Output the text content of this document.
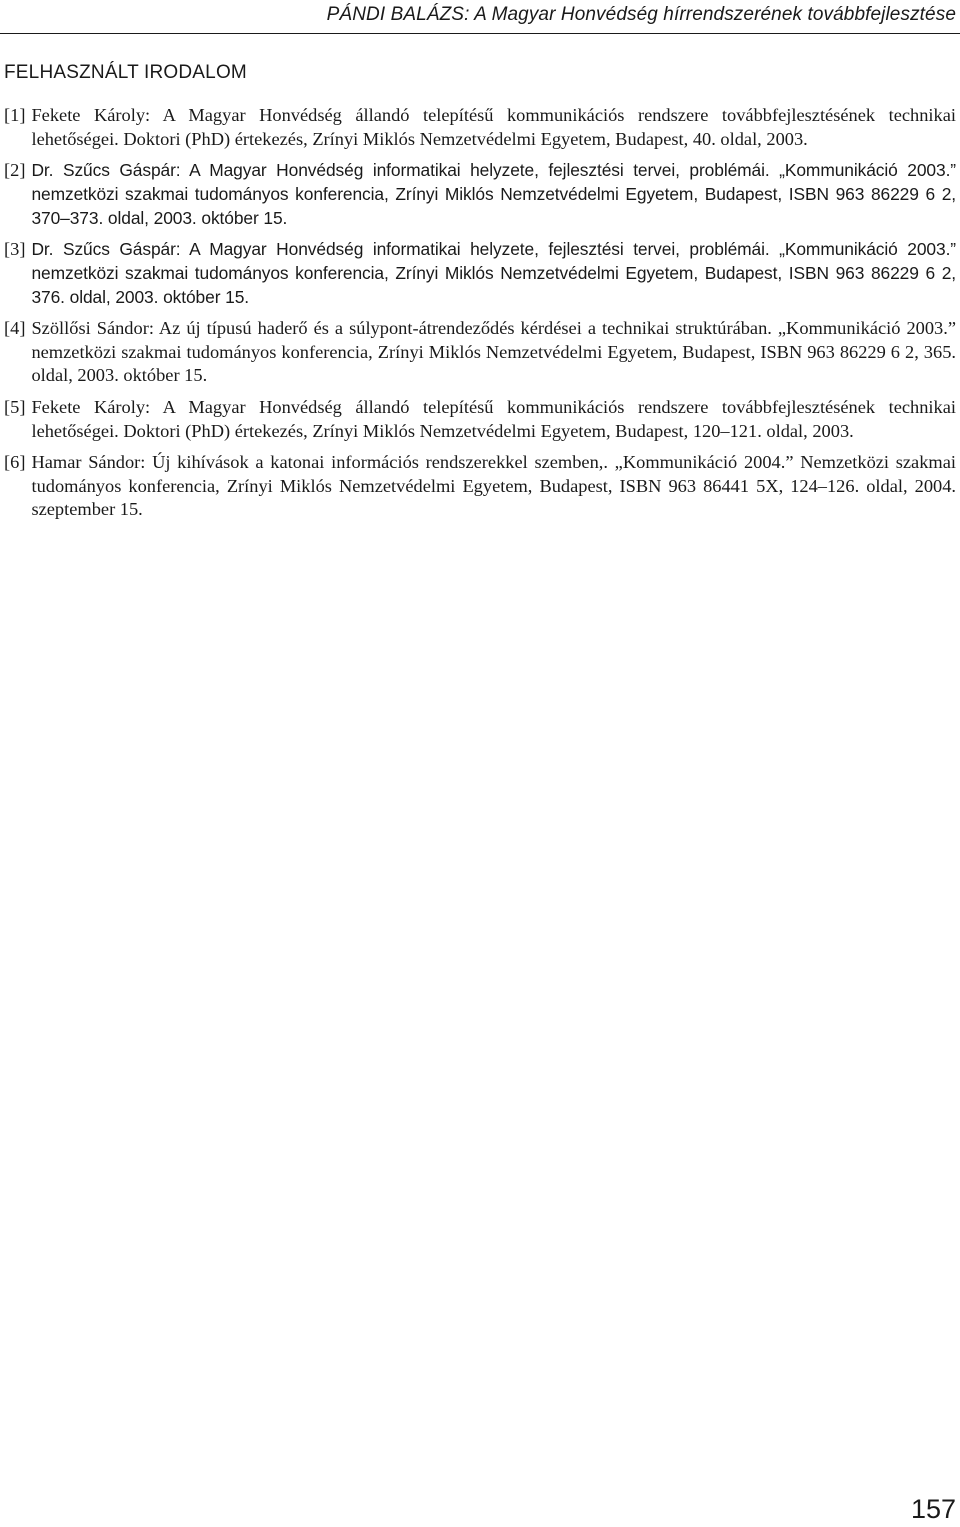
PÁNDI BALÁZS: A Magyar Honvédség hírrendszerének továbbfejlesztése
FELHASZNÁLT IRODALOM
[1] Fekete Károly: A Magyar Honvédség állandó telepítésű kommunikációs rendszere továbbfejlesztésének technikai lehetőségei. Doktori (PhD) értekezés, Zrínyi Miklós Nemzetvédelmi Egyetem, Budapest, 40. oldal, 2003.
[2] Dr. Szűcs Gáspár: A Magyar Honvédség informatikai helyzete, fejlesztési tervei, problémái. „Kommunikáció 2003.” nemzetközi szakmai tudományos konferencia, Zrínyi Miklós Nemzetvédelmi Egyetem, Budapest, ISBN 963 86229 6 2, 370–373. oldal, 2003. október 15.
[3] Dr. Szűcs Gáspár: A Magyar Honvédség informatikai helyzete, fejlesztési tervei, problémái. „Kommunikáció 2003.” nemzetközi szakmai tudományos konferencia, Zrínyi Miklós Nemzetvédelmi Egyetem, Budapest, ISBN 963 86229 6 2, 376. oldal, 2003. október 15.
[4] Szöllősi Sándor: Az új típusú haderő és a súlypont-átrendeződés kérdései a technikai struktúrában. „Kommunikáció 2003.” nemzetközi szakmai tudományos konferencia, Zrínyi Miklós Nemzetvédelmi Egyetem, Budapest, ISBN 963 86229 6 2, 365. oldal, 2003. október 15.
[5] Fekete Károly: A Magyar Honvédség állandó telepítésű kommunikációs rendszere továbbfejlesztésének technikai lehetőségei. Doktori (PhD) értekezés, Zrínyi Miklós Nemzetvédelmi Egyetem, Budapest, 120–121. oldal, 2003.
[6] Hamar Sándor: Új kihívások a katonai információs rendszerekkel szemben,. „Kommunikáció 2004.” Nemzetközi szakmai tudományos konferencia, Zrínyi Miklós Nemzetvédelmi Egyetem, Budapest, ISBN 963 86441 5X, 124–126. oldal, 2004. szeptember 15.
157
